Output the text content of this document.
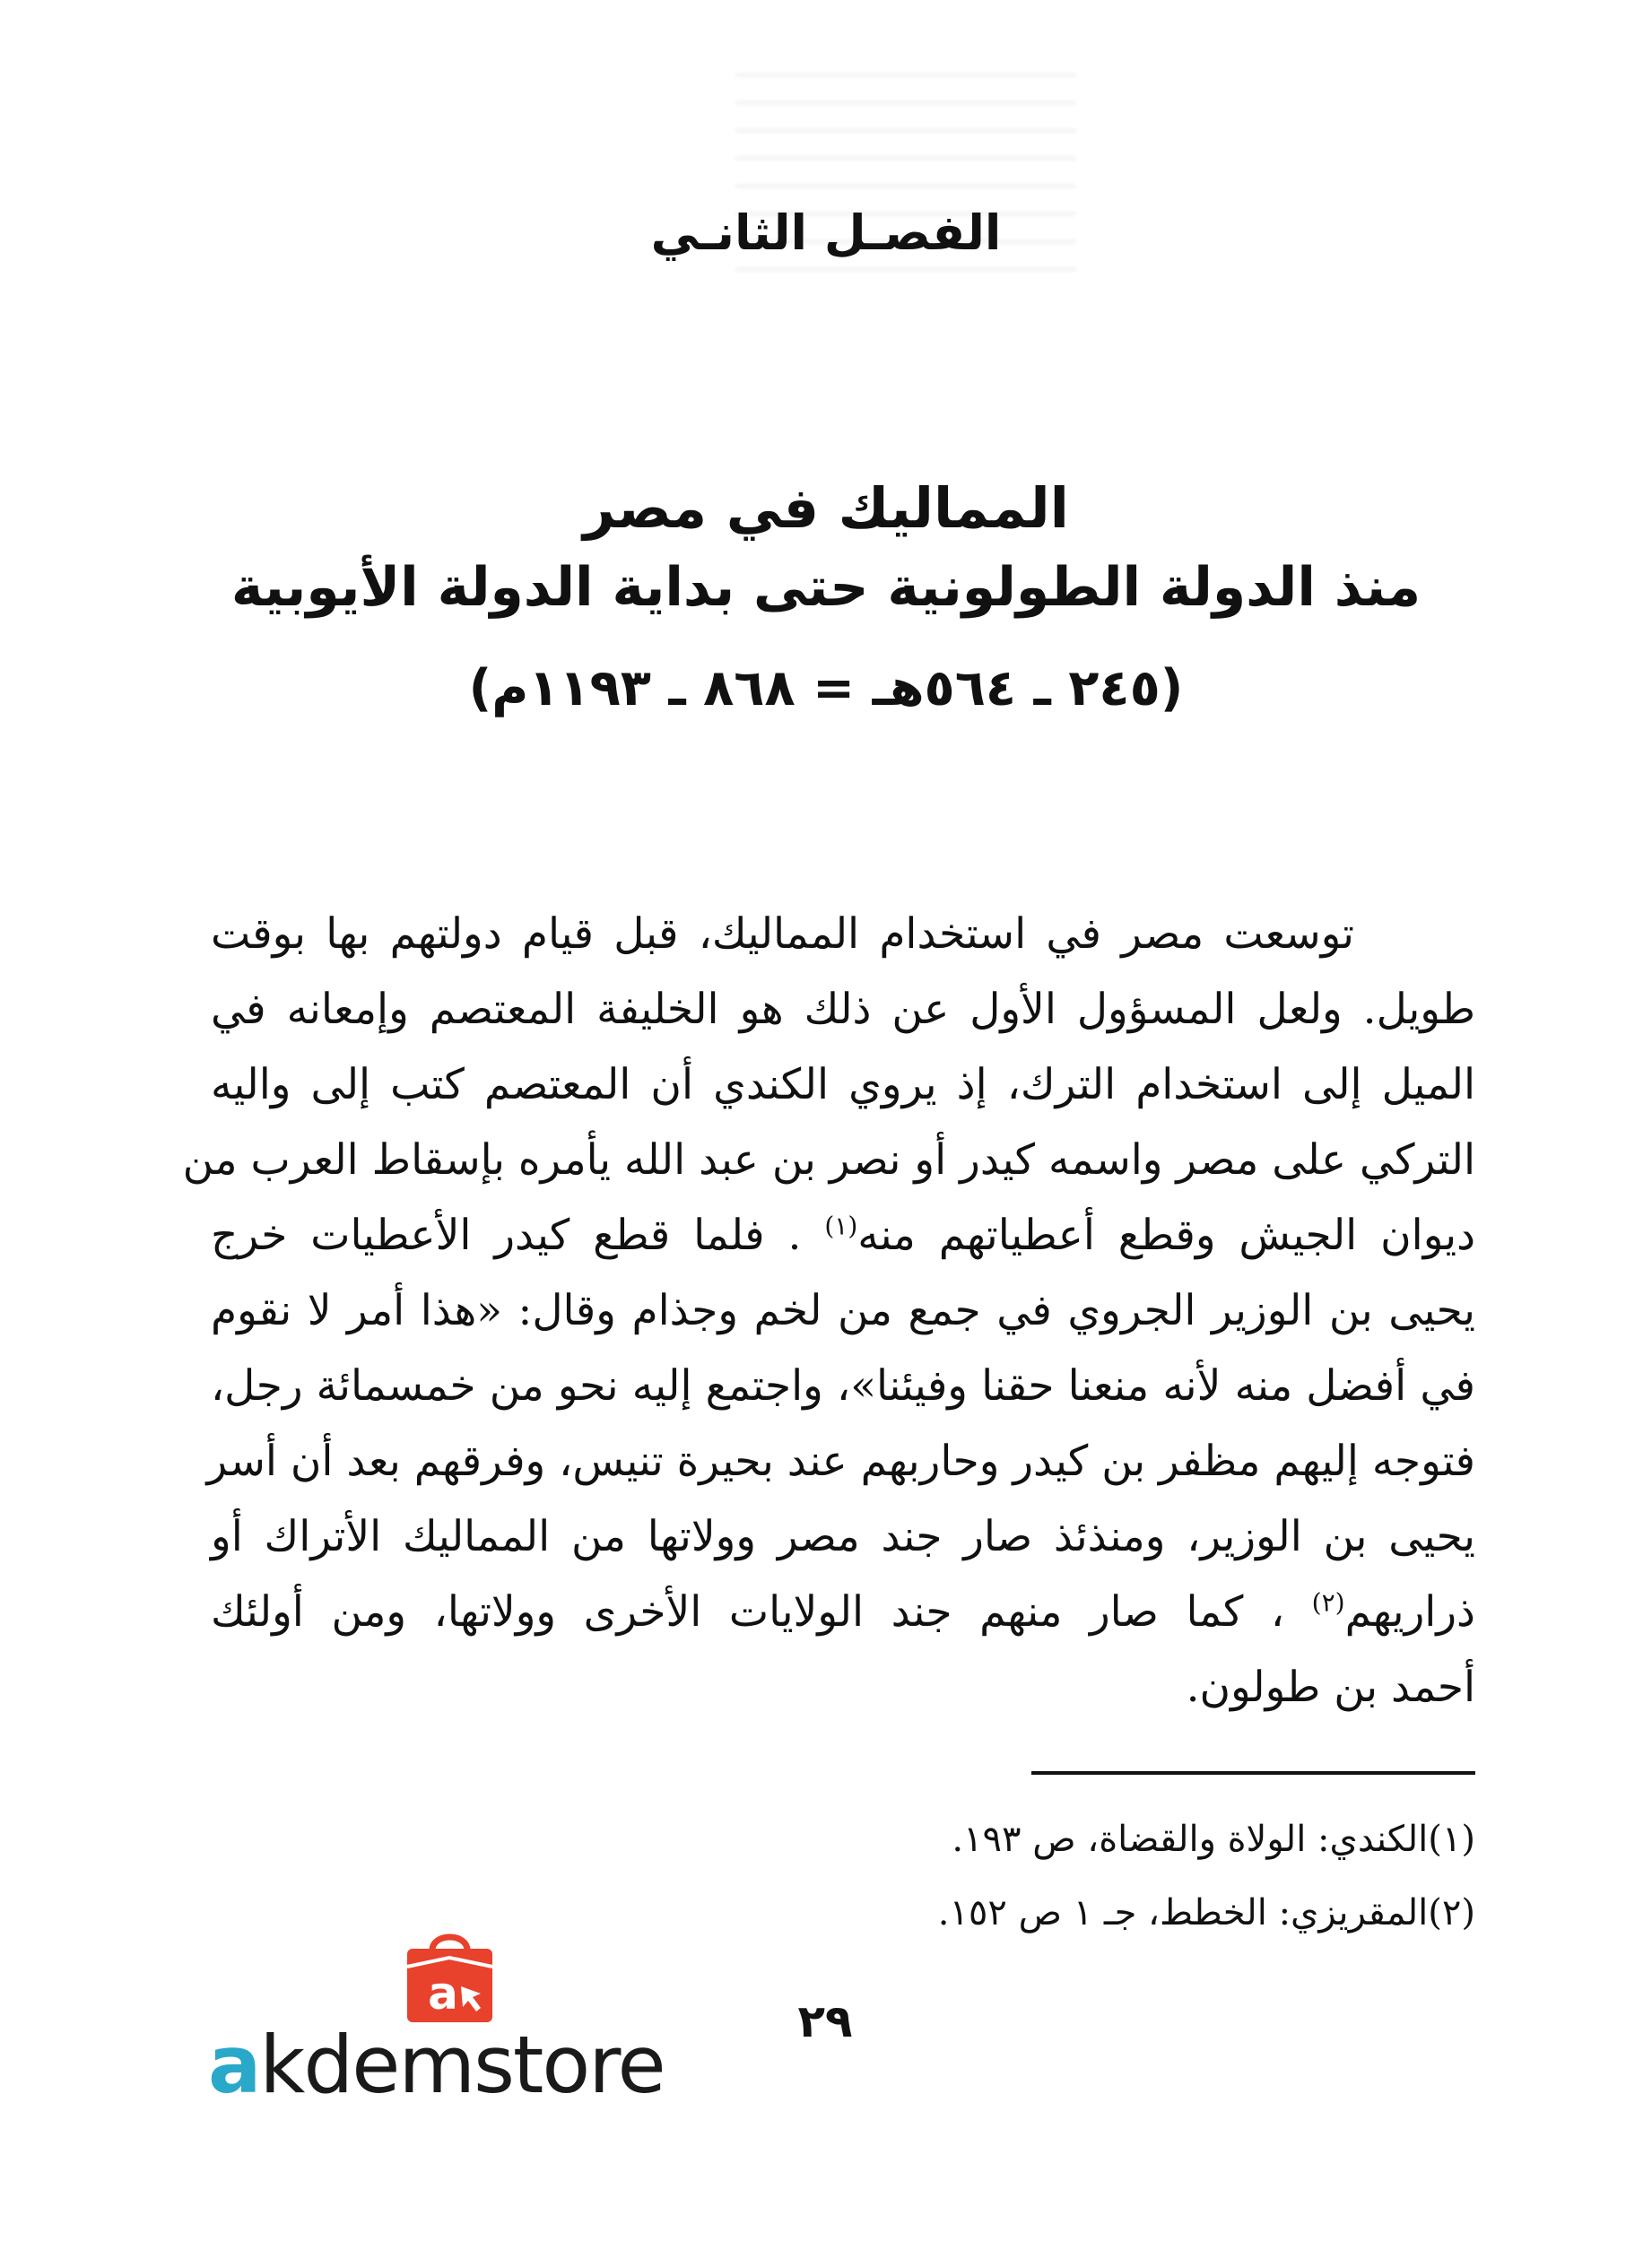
الفصـل الثانـي
المماليك في مصر
منذ الدولة الطولونية حتى بداية الدولة الأيوبية
(٢٤٥ ـ ٥٦٤هـ = ٨٦٨ ـ ١١٩٣م)
توسعت مصر في استخدام المماليك، قبل قيام دولتهم بها بوقت
طويل. ولعل المسؤول الأول عن ذلك هو الخليفة المعتصم وإمعانه في
الميل إلى استخدام الترك، إذ يروي الكندي أن المعتصم كتب إلى واليه
التركي على مصر واسمه كيدر أو نصر بن عبد الله يأمره بإسقاط العرب من
ديوان الجيش وقطع أعطياتهم منه$^{(١)}$ . فلما قطع كيدر الأعطيات خرج
يحيى بن الوزير الجروي في جمع من لخم وجذام وقال: «هذا أمر لا نقوم
في أفضل منه لأنه منعنا حقنا وفيئنا»، واجتمع إليه نحو من خمسمائة رجل،
فتوجه إليهم مظفر بن كيدر وحاربهم عند بحيرة تنيس، وفرقهم بعد أن أسر
يحيى بن الوزير، ومنذئذ صار جند مصر وولاتها من المماليك الأتراك أو
ذراريهم$^{(٢)}$ ، كما صار منهم جند الولايات الأخرى وولاتها، ومن أولئك
أحمد بن طولون.
(١)الكندي: الولاة والقضاة، ص ١٩٣.
(٢)المقريزي: الخطط، جـ ١ ص ١٥٢.
٢٩
a
akdemstore
